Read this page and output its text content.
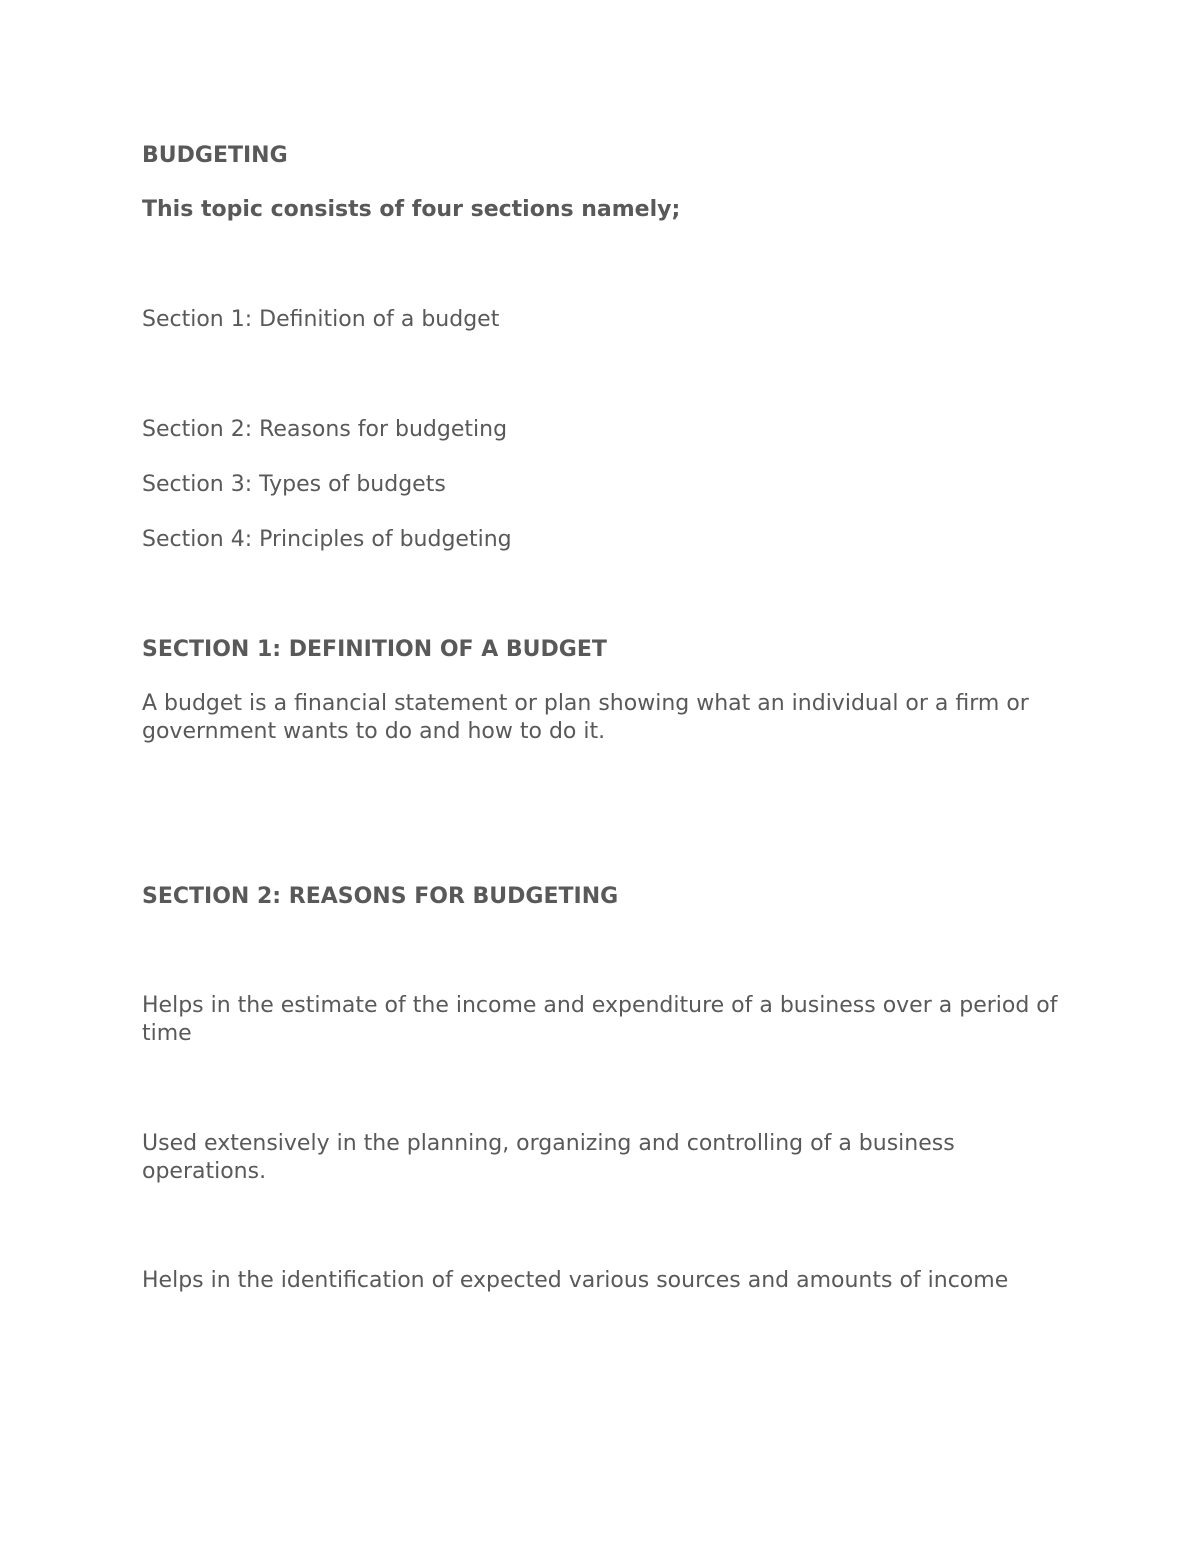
BUDGETING

This topic consists of four sections namely;

Section 1: Definition of a budget

Section 2: Reasons for budgeting

Section 3: Types of budgets

Section 4: Principles of budgeting

SECTION 1: DEFINITION OF A BUDGET

A budget is a financial statement or plan showing what an individual or a firm or government wants to do and how to do it.

SECTION 2: REASONS FOR BUDGETING

Helps in the estimate of the income and expenditure of a business over a period of time

Used extensively in the planning, organizing and controlling of a business operations.

Helps in the identification of expected various sources and amounts of income
